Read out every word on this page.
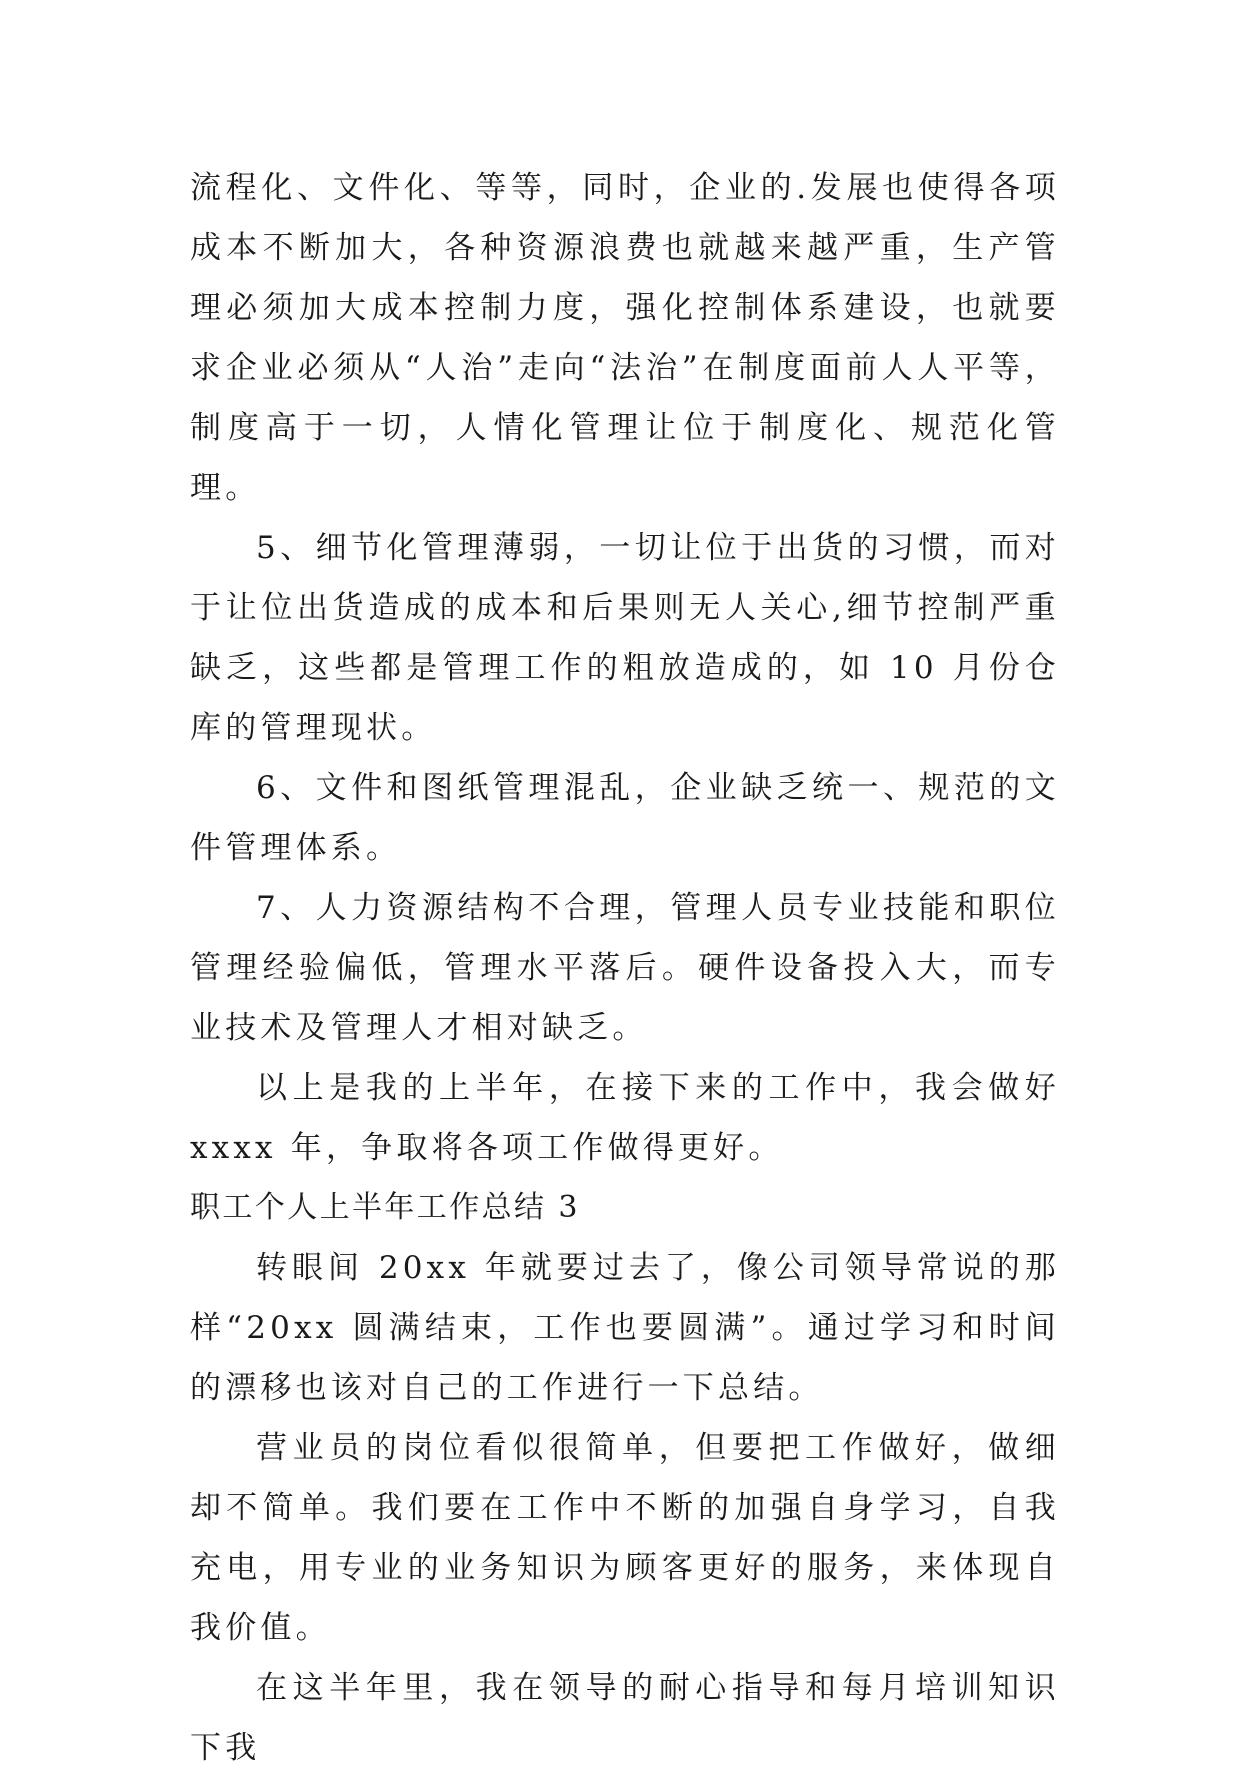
流程化、文件化、等等，同时，企业的.发展也使得各项成本不断加大，各种资源浪费也就越来越严重，生产管理必须加大成本控制力度，强化控制体系建设，也就要求企业必须从“人治”走向“法治”在制度面前人人平等，制度高于一切，人情化管理让位于制度化、规范化管理。

5、细节化管理薄弱，一切让位于出货的习惯，而对于让位出货造成的成本和后果则无人关心,细节控制严重缺乏，这些都是管理工作的粗放造成的，如 10 月份仓库的管理现状。

6、文件和图纸管理混乱，企业缺乏统一、规范的文件管理体系。

7、人力资源结构不合理，管理人员专业技能和职位管理经验偏低，管理水平落后。硬件设备投入大，而专业技术及管理人才相对缺乏。

以上是我的上半年，在接下来的工作中，我会做好 xxxx 年，争取将各项工作做得更好。

职工个人上半年工作总结 3

转眼间 20xx 年就要过去了，像公司领导常说的那样“20xx 圆满结束，工作也要圆满”。通过学习和时间的漂移也该对自己的工作进行一下总结。

营业员的岗位看似很简单，但要把工作做好，做细却不简单。我们要在工作中不断的加强自身学习，自我充电，用专业的业务知识为顾客更好的服务，来体现自我价值。

在这半年里，我在领导的耐心指导和每月培训知识下我
